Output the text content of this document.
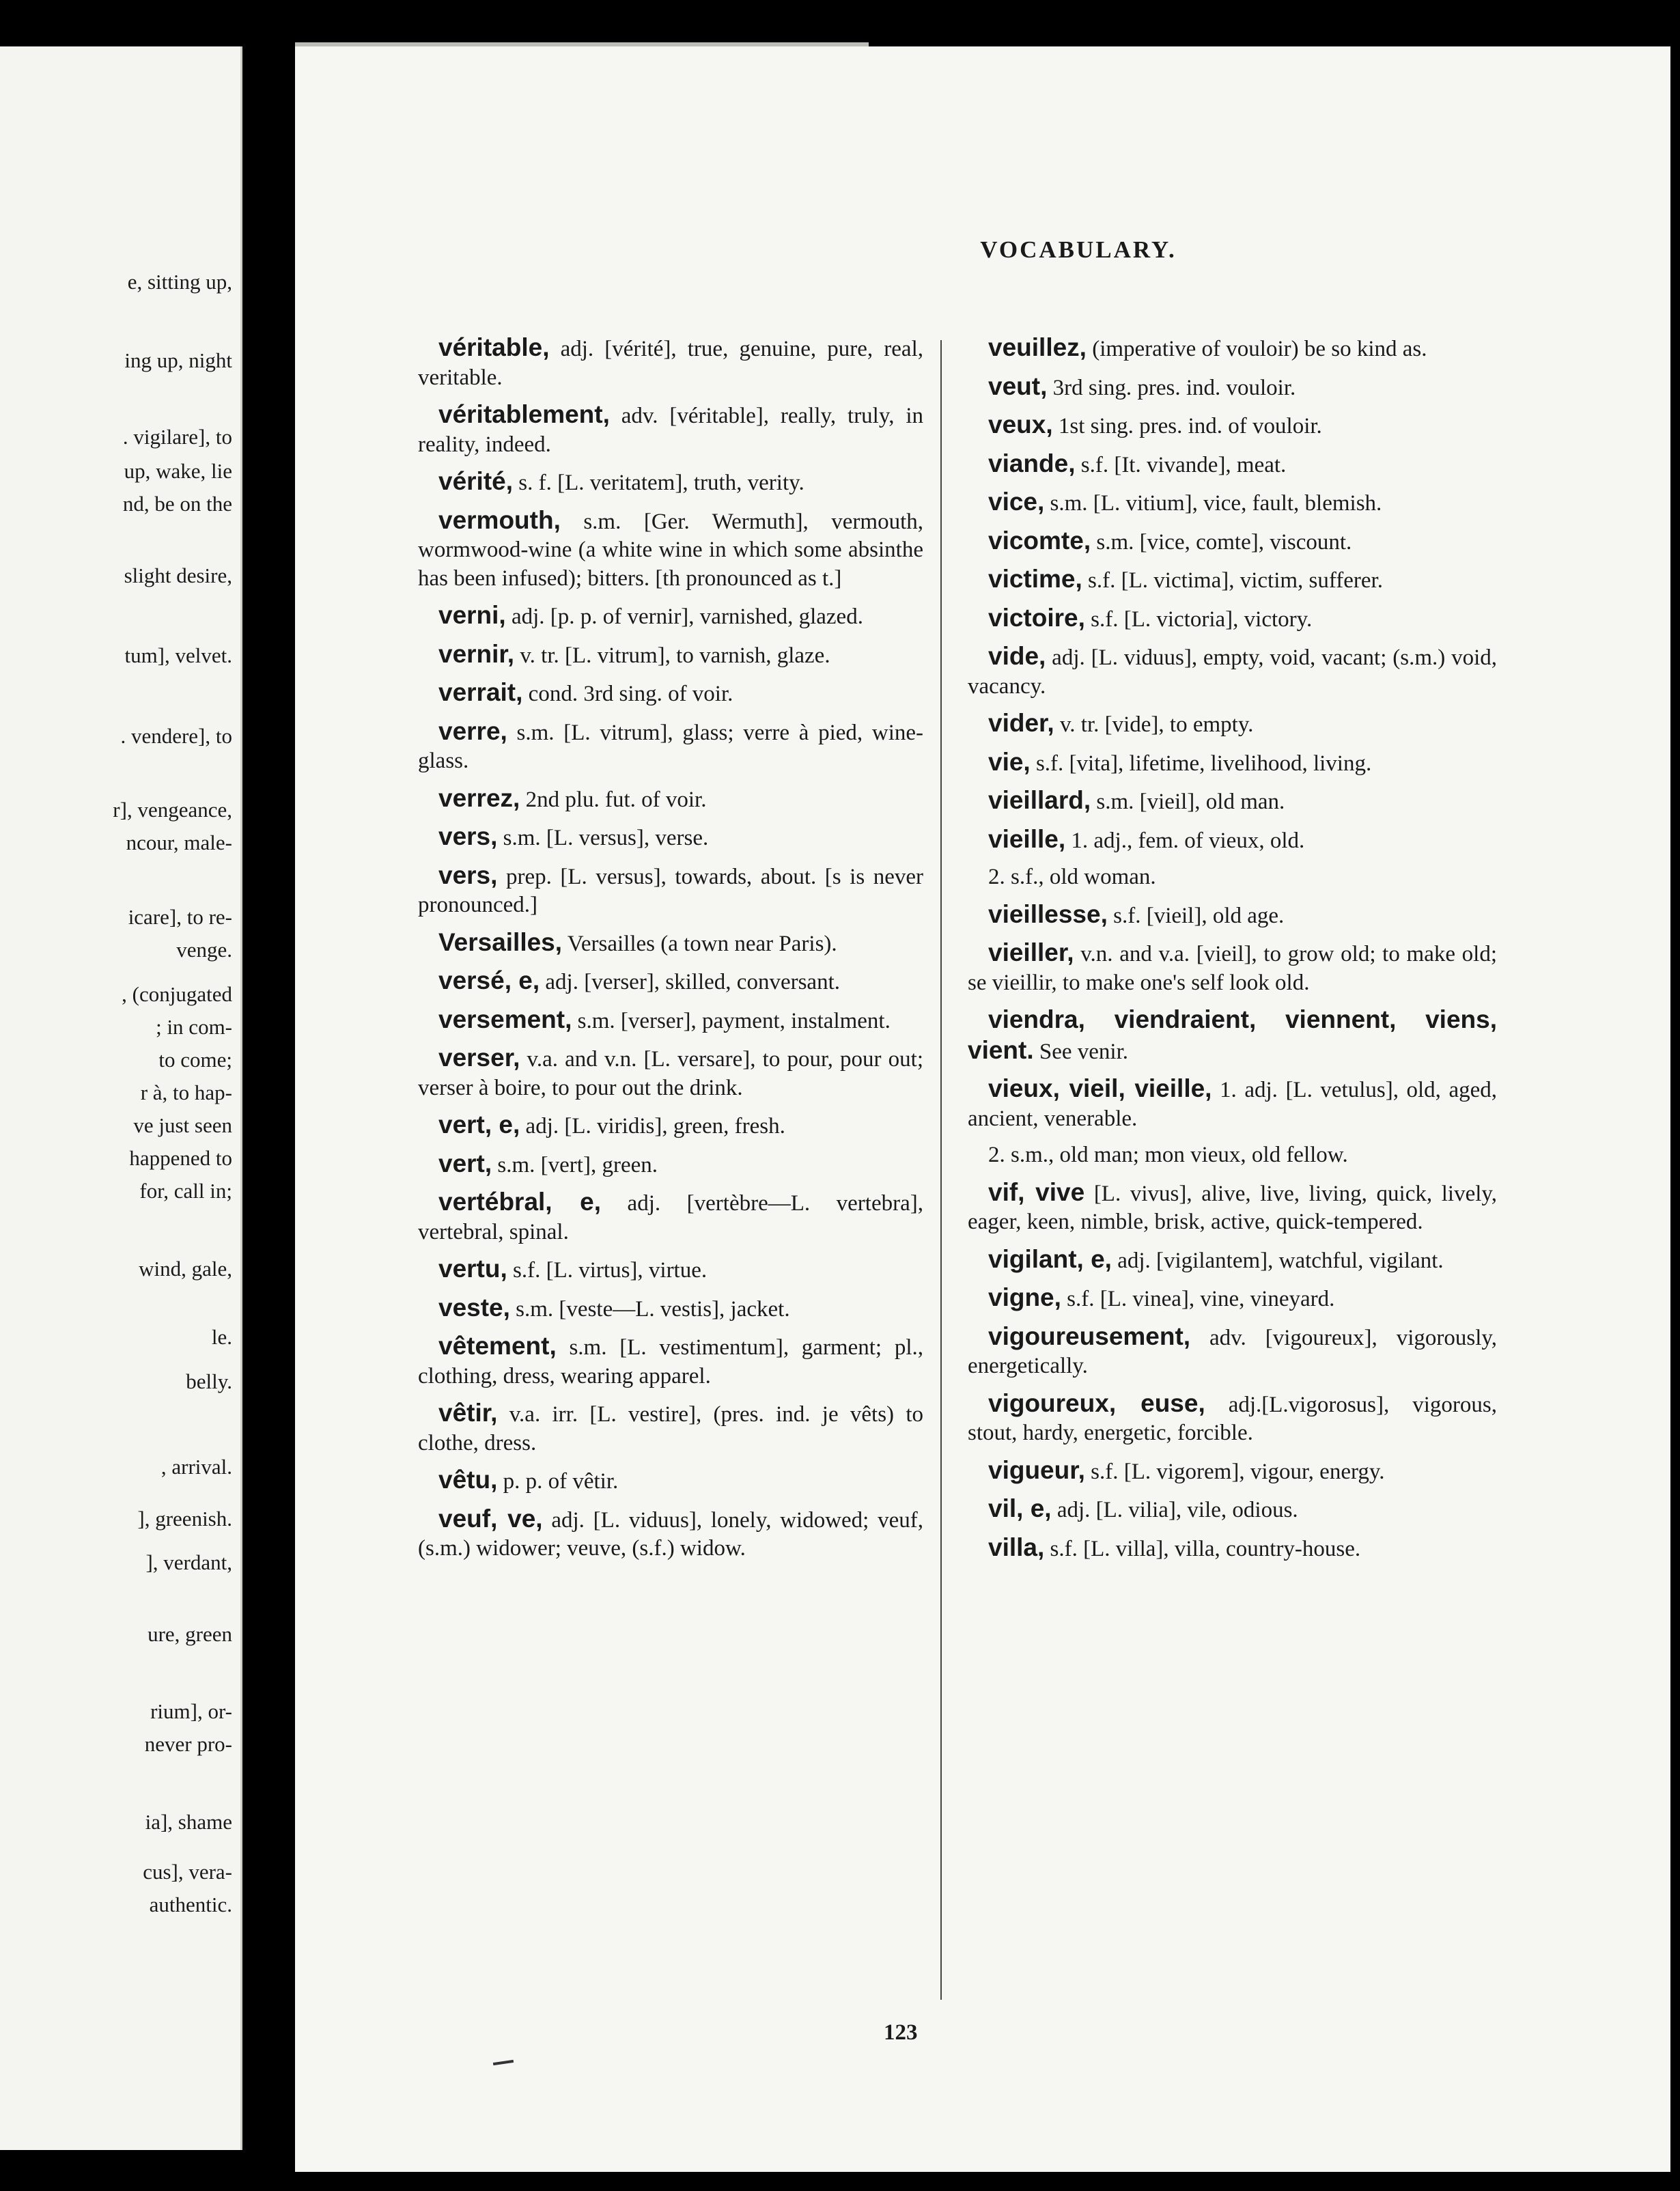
e, sitting up,
ing up, night
. vigilare], to
up, wake, lie
nd, be on the
slight desire,
tum], velvet.
. vendere], to
r], vengeance,
ncour, male-
icare], to re-
venge.
, (conjugated
; in com-
to come;
r à, to hap-
ve just seen
happened to
for, call in;
wind, gale,
le.
belly.
, arrival.
], greenish.
], verdant,
ure, green
rium], or-
never pro-
ia], shame
cus], vera-
authentic.
VOCABULARY.

véritable, adj. [vérité], true, genuine, pure, real, veritable.

véritablement, adv. [véritable], really, truly, in reality, indeed.

vérité, s. f. [L. veritatem], truth, verity.

vermouth, s.m. [Ger. Wermuth], vermouth, wormwood-wine (a white wine in which some absinthe has been infused); bitters. [th pronounced as t.]

verni, adj. [p. p. of vernir], varnished, glazed.

vernir, v. tr. [L. vitrum], to varnish, glaze.

verrait, cond. 3rd sing. of voir.

verre, s.m. [L. vitrum], glass; verre à pied, wine-glass.

verrez, 2nd plu. fut. of voir.

vers, s.m. [L. versus], verse.

vers, prep. [L. versus], towards, about. [s is never pronounced.]

Versailles, Versailles (a town near Paris).

versé, e, adj. [verser], skilled, conversant.

versement, s.m. [verser], payment, instalment.

verser, v.a. and v.n. [L. versare], to pour, pour out; verser à boire, to pour out the drink.

vert, e, adj. [L. viridis], green, fresh.

vert, s.m. [vert], green.

vertébral, e, adj. [vertèbre—L. vertebra], vertebral, spinal.

vertu, s.f. [L. virtus], virtue.

veste, s.m. [veste—L. vestis], jacket.

vêtement, s.m. [L. vestimentum], garment; pl., clothing, dress, wearing apparel.

vêtir, v.a. irr. [L. vestire], (pres. ind. je vêts) to clothe, dress.

vêtu, p. p. of vêtir.

veuf, ve, adj. [L. viduus], lonely, widowed; veuf, (s.m.) widower; veuve, (s.f.) widow.

veuillez, (imperative of vouloir) be so kind as.

veut, 3rd sing. pres. ind. vouloir.

veux, 1st sing. pres. ind. of vouloir.

viande, s.f. [It. vivande], meat.

vice, s.m. [L. vitium], vice, fault, blemish.

vicomte, s.m. [vice, comte], viscount.

victime, s.f. [L. victima], victim, sufferer.

victoire, s.f. [L. victoria], victory.

vide, adj. [L. viduus], empty, void, vacant; (s.m.) void, vacancy.

vider, v. tr. [vide], to empty.

vie, s.f. [vita], lifetime, livelihood, living.

vieillard, s.m. [vieil], old man.

vieille, 1. adj., fem. of vieux, old.

2. s.f., old woman.

vieillesse, s.f. [vieil], old age.

vieiller, v.n. and v.a. [vieil], to grow old; to make old; se vieillir, to make one's self look old.

viendra, viendraient, viennent, viens, vient. See venir.

vieux, vieil, vieille, 1. adj. [L. vetulus], old, aged, ancient, venerable.

2. s.m., old man; mon vieux, old fellow.

vif, vive [L. vivus], alive, live, living, quick, lively, eager, keen, nimble, brisk, active, quick-tempered.

vigilant, e, adj. [vigilantem], watchful, vigilant.

vigne, s.f. [L. vinea], vine, vineyard.

vigoureusement, adv. [vigoureux], vigorously, energetically.

vigoureux, euse, adj.[L.vigorosus], vigorous, stout, hardy, energetic, forcible.

vigueur, s.f. [L. vigorem], vigour, energy.

vil, e, adj. [L. vilia], vile, odious.

villa, s.f. [L. villa], villa, country-house.

123
